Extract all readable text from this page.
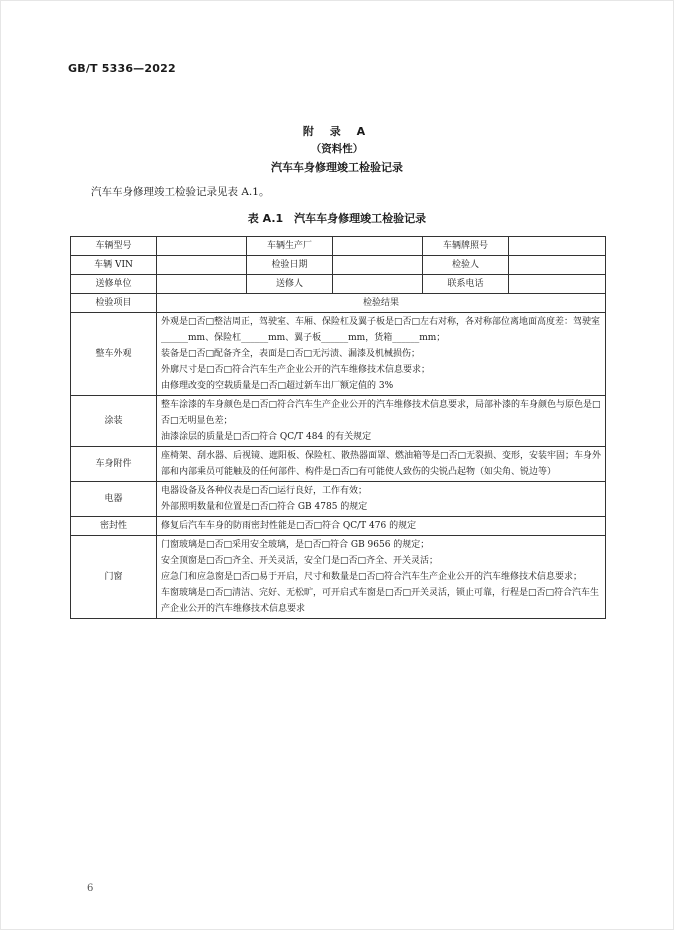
GB/T 5336—2022
附 录 A
（资料性）
汽车车身修理竣工检验记录
汽车车身修理竣工检验记录见表 A.1。
表 A.1　汽车车身修理竣工检验记录
车辆型号		车辆生产厂		车辆牌照号	
车辆 VIN		检验日期		检验人	
送修单位		送修人		联系电话	
检验项目	检验结果				
整车外观	外观是□否□整洁周正，驾驶室、车厢、保险杠及翼子板是□否□左右对称，各对称部位离地面高度差：驾驶室______mm、保险杠______mm、翼子板______mm，货箱______mm；
装备是□否□配备齐全，表面是□否□无污渍、漏漆及机械损伤；
外廓尺寸是□否□符合汽车生产企业公开的汽车维修技术信息要求；
由修理改变的空载质量是□否□超过新车出厂额定值的 3%				

涂装	整车涂漆的车身颜色是□否□符合汽车生产企业公开的汽车维修技术信息要求，局部补漆的车身颜色与原色是□否□无明显色差；
油漆涂层的质量是□否□符合 QC/T 484 的有关规定				

车身附件	座椅架、刮水器、后视镜、遮阳板、保险杠、散热器面罩、燃油箱等是□否□无裂损、变形，安装牢固；车身外部和内部乘员可能触及的任何部件、构件是□否□有可能使人致伤的尖锐凸起物（如尖角、锐边等）				

电器	电器设备及各种仪表是□否□运行良好，工作有效；
外部照明数量和位置是□否□符合 GB 4785 的规定				

密封性	修复后汽车车身的防雨密封性能是□否□符合 QC/T 476 的规定				

门窗	门窗玻璃是□否□采用安全玻璃，是□否□符合 GB 9656 的规定；
安全顶窗是□否□齐全、开关灵活，安全门是□否□齐全、开关灵活；
应急门和应急窗是□否□易于开启，尺寸和数量是□否□符合汽车生产企业公开的汽车维修技术信息要求；
车窗玻璃是□否□清洁、完好、无松旷，可开启式车窗是□否□开关灵活，锁止可靠，行程是□否□符合汽车生产企业公开的汽车维修技术信息要求				
6
